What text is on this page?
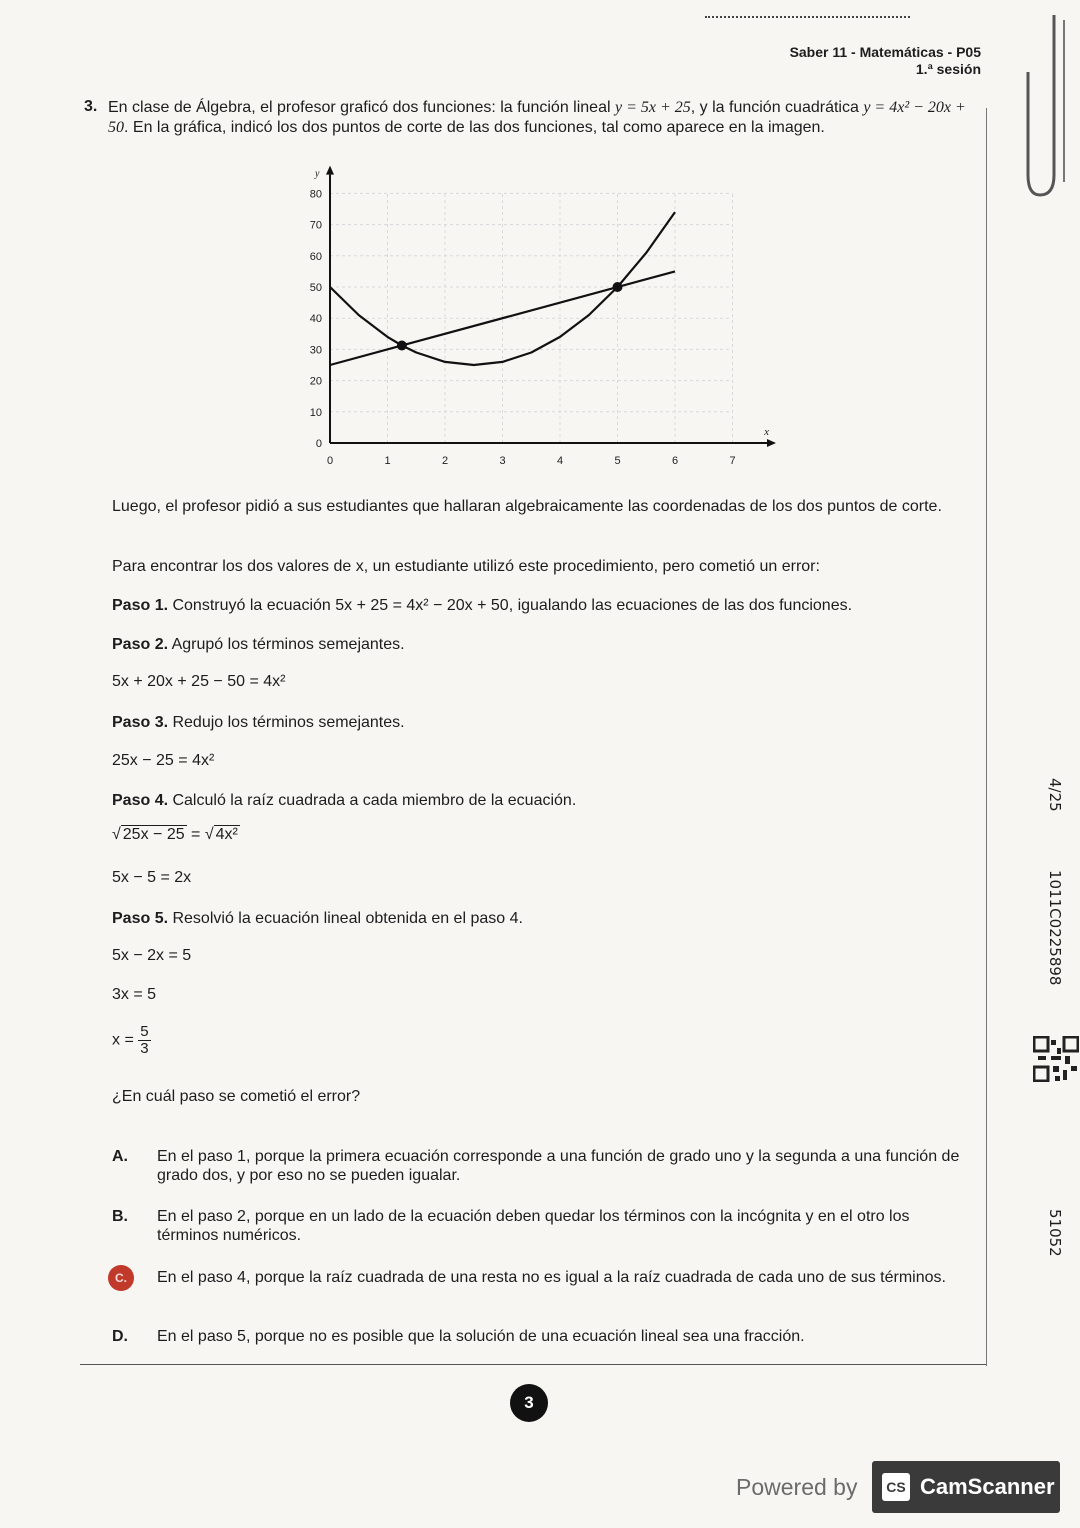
Saber 11 - Matemáticas - P05
1.ª sesión
3. En clase de Álgebra, el profesor graficó dos funciones: la función lineal y = 5x + 25, y la función cuadrática y = 4x² − 20x + 50. En la gráfica, indicó los dos puntos de corte de las dos funciones, tal como aparece en la imagen.
0	1	2	3	4	5	6	7
0
10
20
30
40
50
60
70
80
x
y
Luego, el profesor pidió a sus estudiantes que hallaran algebraicamente las coordenadas de los dos puntos de corte.
Para encontrar los dos valores de x, un estudiante utilizó este procedimiento, pero cometió un error:
Paso 1. Construyó la ecuación 5x + 25 = 4x² − 20x + 50, igualando las ecuaciones de las dos funciones.
Paso 2. Agrupó los términos semejantes.
5x + 20x + 25 − 50 = 4x²
Paso 3. Redujo los términos semejantes.
25x − 25 = 4x²
Paso 4. Calculó la raíz cuadrada a cada miembro de la ecuación.
√ 25x − 25 = √ 4x²
5x − 5 = 2x
Paso 5. Resolvió la ecuación lineal obtenida en el paso 4.
5x − 2x = 5
3x = 5
$x = \frac{5}{3}$
¿En cuál paso se cometió el error?
A. En el paso 1, porque la primera ecuación corresponde a una función de grado uno y la segunda a una función de grado dos, y por eso no se pueden igualar.
B. En el paso 2, porque en un lado de la ecuación deben quedar los términos con la incógnita y en el otro los términos numéricos.
C.	En el paso 4, porque la raíz cuadrada de una resta no es igual a la raíz cuadrada de cada uno de sus términos.
D. En el paso 5, porque no es posible que la solución de una ecuación lineal sea una fracción.
4/25
1011C0225898
51052
3
Powered by	CS CamScanner
